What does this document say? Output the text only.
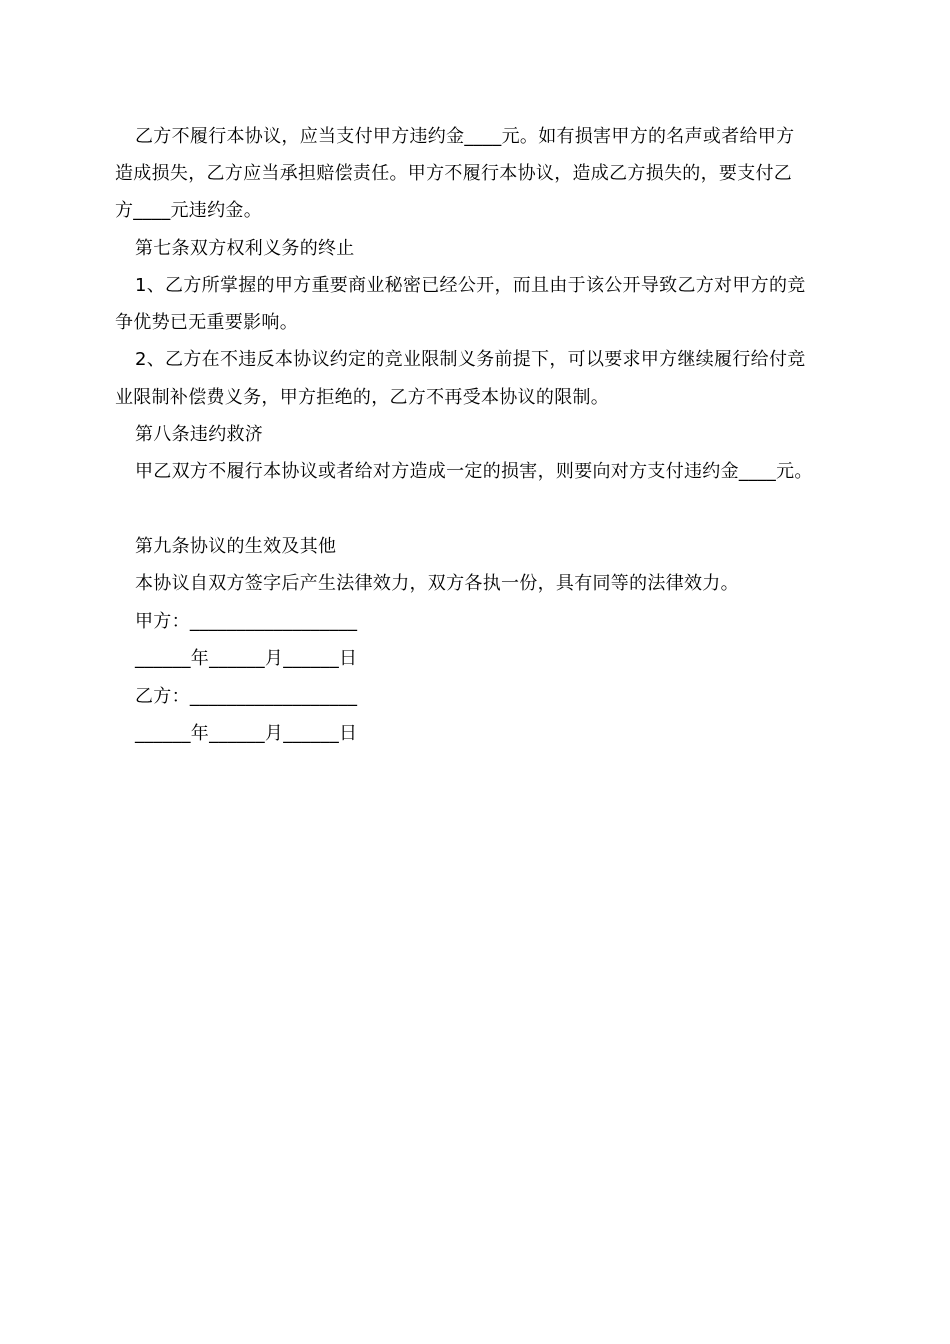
乙方不履行本协议，应当支付甲方违约金____元。如有损害甲方的名声或者给甲方
造成损失，乙方应当承担赔偿责任。甲方不履行本协议，造成乙方损失的，要支付乙
方____元违约金。
第七条双方权利义务的终止
1、乙方所掌握的甲方重要商业秘密已经公开，而且由于该公开导致乙方对甲方的竞
争优势已无重要影响。
2、乙方在不违反本协议约定的竞业限制义务前提下，可以要求甲方继续履行给付竞
业限制补偿费义务，甲方拒绝的，乙方不再受本协议的限制。
第八条违约救济
甲乙双方不履行本协议或者给对方造成一定的损害，则要向对方支付违约金____元。
第九条协议的生效及其他
本协议自双方签字后产生法律效力，双方各执一份，具有同等的法律效力。
甲方：__________________
______年______月______日
乙方：__________________
______年______月______日
